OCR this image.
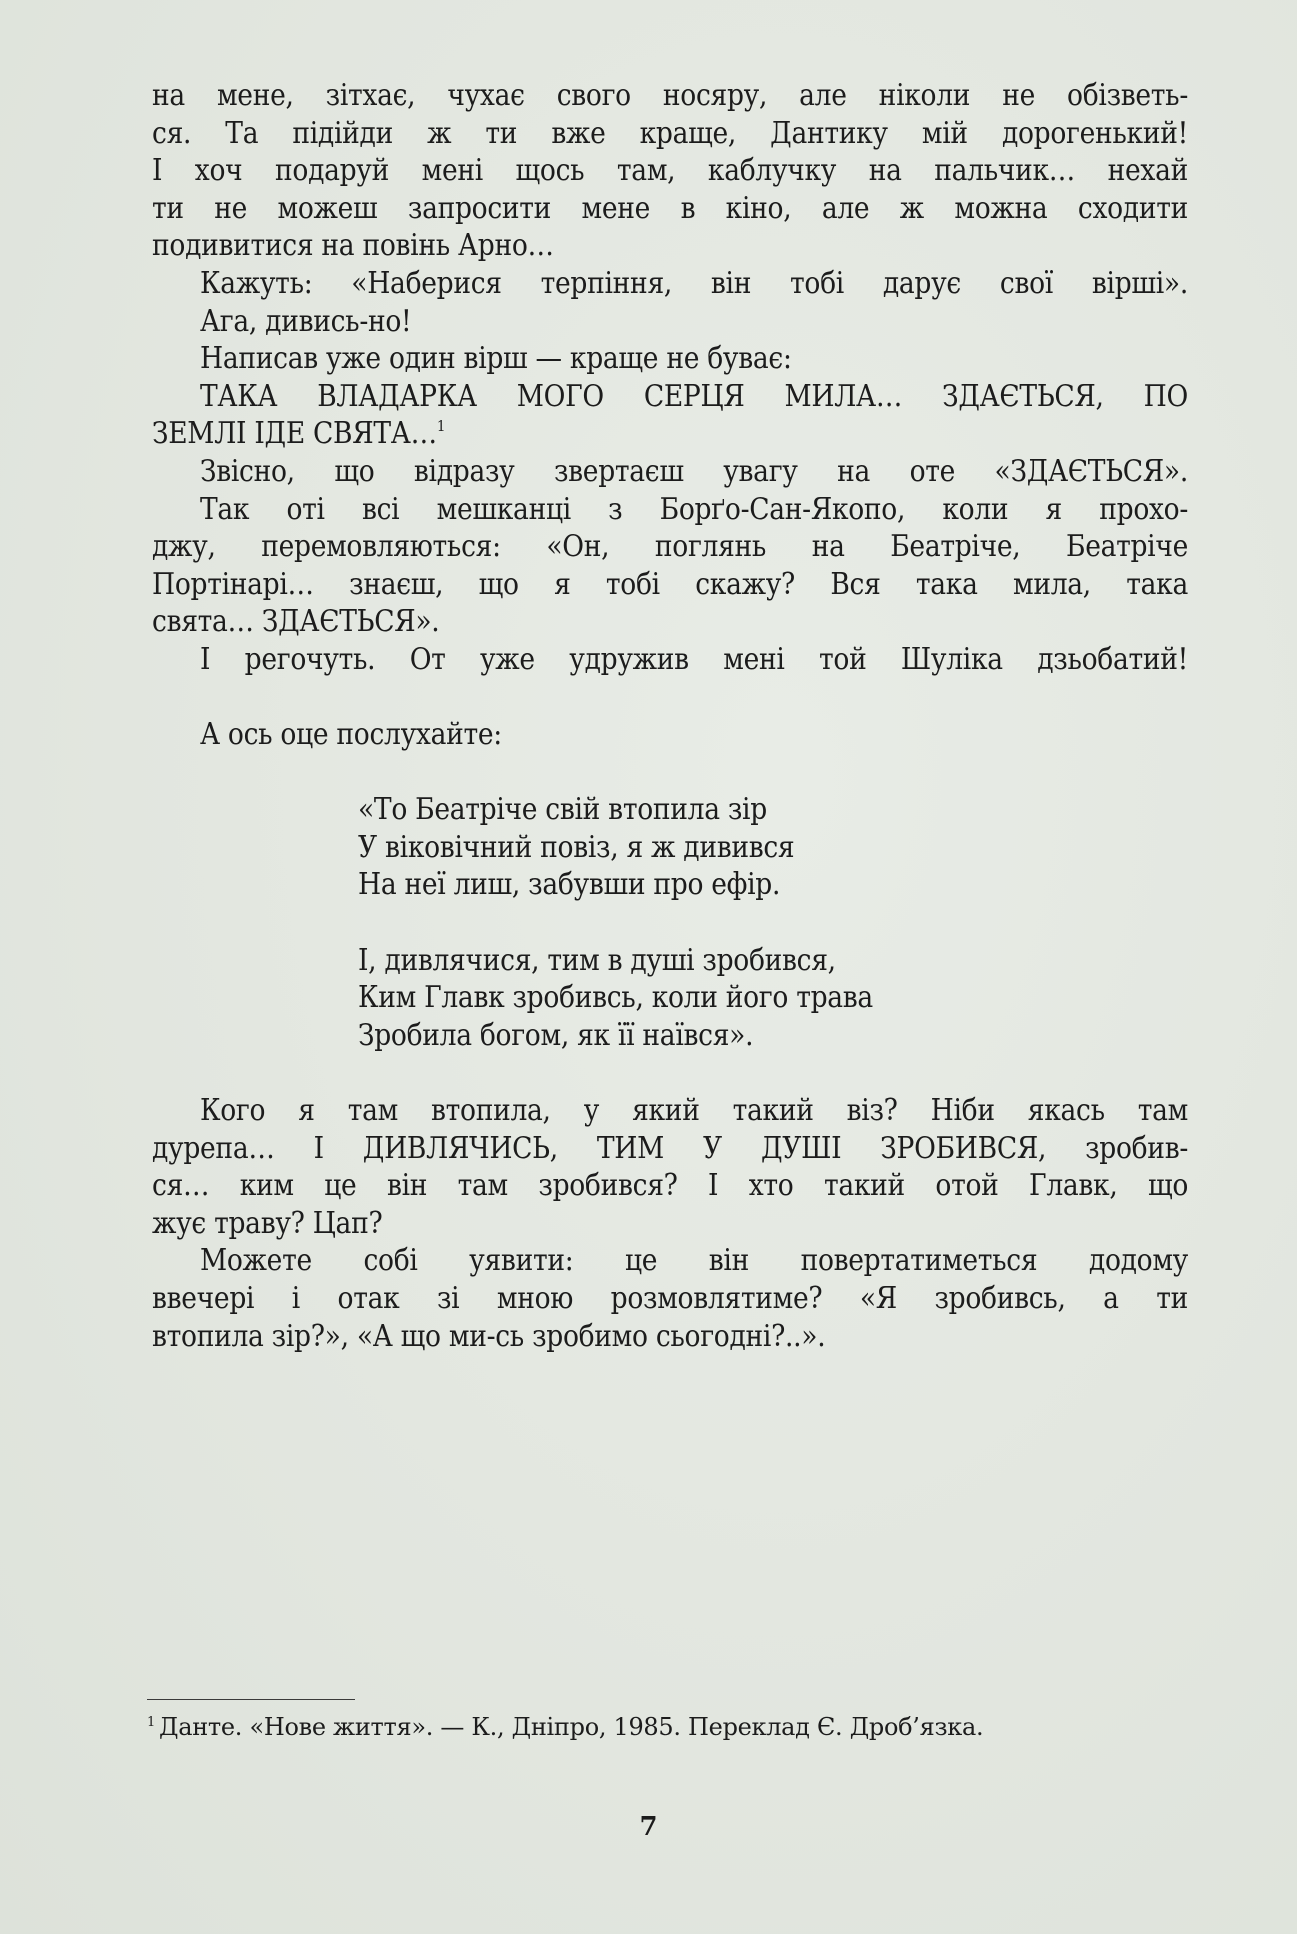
на мене, зітхає, чухає свого носяру, але ніколи не обізветь-
ся. Та підійди ж ти вже краще, Дантику мій дорогенький!
І хоч подаруй мені щось там, каблучку на пальчик… нехай
ти не можеш запросити мене в кіно, але ж можна сходити
подивитися на повінь Арно…
Кажуть: «Наберися терпіння, він тобі дарує свої вірші».
Ага, дивись-но!
Написав уже один вірш — краще не буває:
ТАКА ВЛАДАРКА МОГО СЕРЦЯ МИЛА… ЗДАЄТЬСЯ, ПО
ЗЕМЛІ ІДЕ СВЯТА…$^1$
Звісно, що відразу звертаєш увагу на оте «ЗДАЄТЬСЯ».
Так оті всі мешканці з Борґо-Сан-Якопо, коли я прохо-
джу, перемовляються: «Он, поглянь на Беатріче, Беатріче
Портінарі… знаєш, що я тобі скажу? Вся така мила, така
свята… ЗДАЄТЬСЯ».
І регочуть. От уже удружив мені той Шуліка дзьобатий!
А ось оце послухайте:
«То Беатріче свій втопила зір
У віковічний повіз, я ж дивився
На неї лиш, забувши про ефір.
І, дивлячися, тим в душі зробився,
Ким Главк зробивсь, коли його трава
Зробила богом, як її наївся».
Кого я там втопила, у який такий віз? Ніби якась там
дурепа… І ДИВЛЯЧИСЬ, ТИМ У ДУШІ ЗРОБИВСЯ, зробив-
ся… ким це він там зробився? І хто такий отой Главк, що
жує траву? Цап?
Можете собі уявити: це він повертатиметься додому
ввечері і отак зі мною розмовлятиме? «Я зробивсь, а ти
втопила зір?», «А що ми-сь зробимо сьогодні?..».
$^1$ Данте. «Нове життя». — К., Дніпро, 1985. Переклад Є. Дроб’язка.
7
